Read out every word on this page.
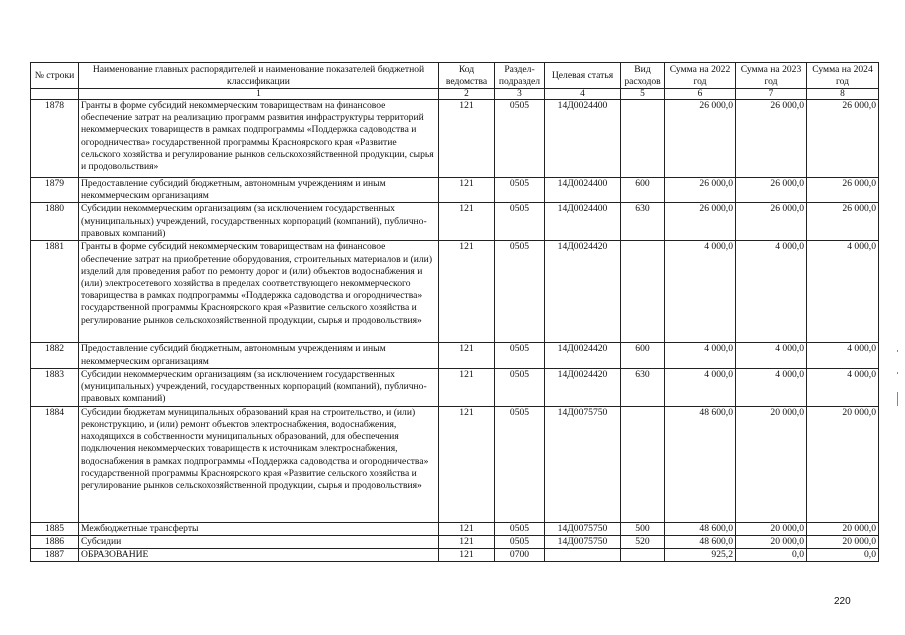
№ строки	Наименование главных распорядителей и наименование показателей бюджетной классификации	Код ведомства	Раздел-подраздел	Целевая статья	Вид расходов	Сумма на 2022 год	Сумма на 2023 год	Сумма на 2024 год
	1	2	3	4	5	6	7	8
1878	Гранты в форме субсидий некоммерческим товариществам на финансовое обеспечение затрат на реализацию программ развития инфраструктуры территорий некоммерческих товариществ в рамках подпрограммы «Поддержка садоводства и огородничества» государственной программы Красноярского края «Развитие сельского хозяйства и регулирование рынков сельскохозяйственной продукции, сырья и продовольствия»	121	0505	14Д0024400		26 000,0	26 000,0	26 000,0
1879	Предоставление субсидий бюджетным, автономным учреждениям и иным некоммерческим организациям	121	0505	14Д0024400	600	26 000,0	26 000,0	26 000,0
1880	Субсидии некоммерческим организациям (за исключением государственных (муниципальных) учреждений, государственных корпораций (компаний), публично-правовых компаний)	121	0505	14Д0024400	630	26 000,0	26 000,0	26 000,0
1881	Гранты в форме субсидий некоммерческим товариществам на финансовое обеспечение затрат на приобретение оборудования, строительных материалов и (или) изделий для проведения работ по ремонту дорог и (или) объектов водоснабжения и (или) электросетевого хозяйства в пределах соответствующего некоммерческого товарищества в рамках подпрограммы «Поддержка садоводства и огородничества» государственной программы Красноярского края «Развитие сельского хозяйства и регулирование рынков сельскохозяйственной продукции, сырья и продовольствия»	121	0505	14Д0024420		4 000,0	4 000,0	4 000,0
1882	Предоставление субсидий бюджетным, автономным учреждениям и иным некоммерческим организациям	121	0505	14Д0024420	600	4 000,0	4 000,0	4 000,0
1883	Субсидии некоммерческим организациям (за исключением государственных (муниципальных) учреждений, государственных корпораций (компаний), публично-правовых компаний)	121	0505	14Д0024420	630	4 000,0	4 000,0	4 000,0
1884	Субсидии бюджетам муниципальных образований края на строительство, и (или) реконструкцию, и (или) ремонт объектов электроснабжения, водоснабжения, находящихся в собственности муниципальных образований, для обеспечения подключения некоммерческих товариществ к источникам электроснабжения, водоснабжения в рамках подпрограммы «Поддержка садоводства и огородничества» государственной программы Красноярского края «Развитие сельского хозяйства и регулирование рынков сельскохозяйственной продукции, сырья и продовольствия»	121	0505	14Д0075750		48 600,0	20 000,0	20 000,0
1885	Межбюджетные трансферты	121	0505	14Д0075750	500	48 600,0	20 000,0	20 000,0
1886	Субсидии	121	0505	14Д0075750	520	48 600,0	20 000,0	20 000,0
1887	ОБРАЗОВАНИЕ	121	0700			925,2	0,0	0,0
220
